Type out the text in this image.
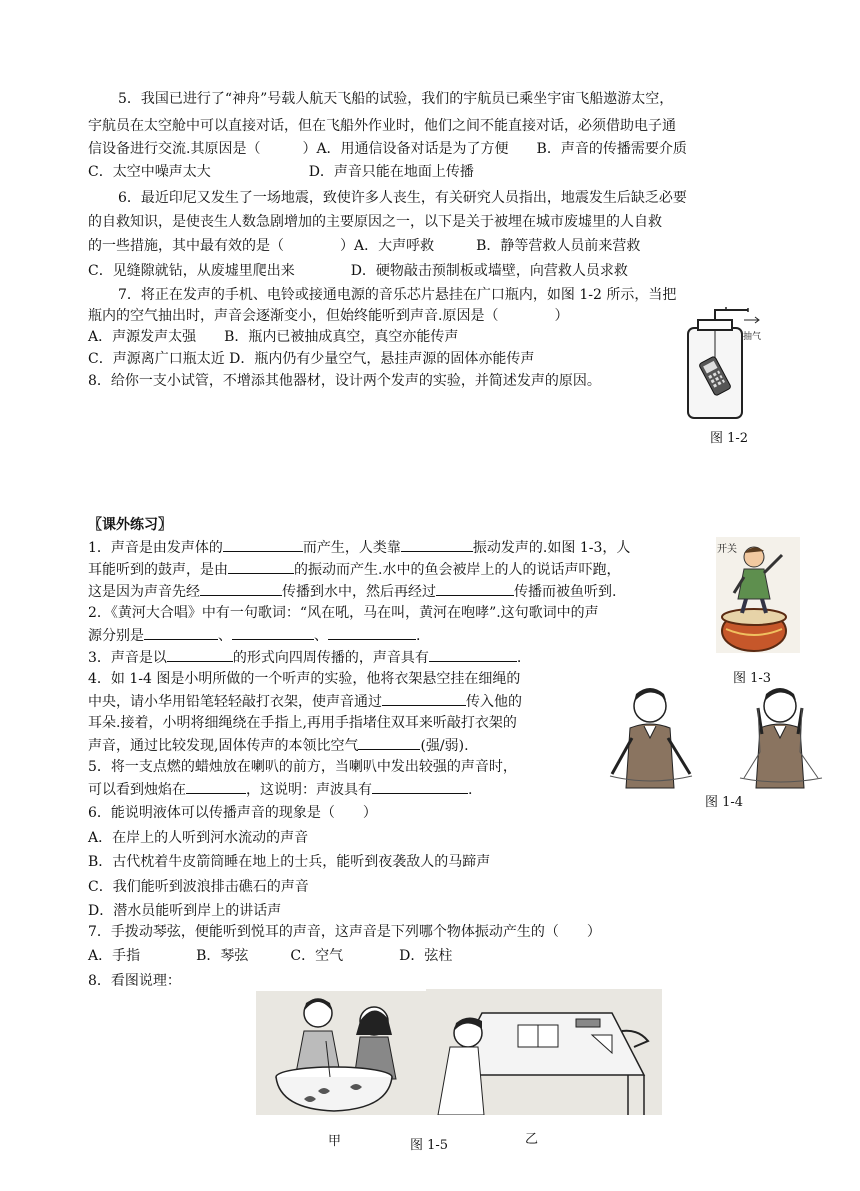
5．我国已进行了“神舟”号载人航天飞船的试验，我们的宇航员已乘坐宇宙飞船遨游太空，
宇航员在太空舱中可以直接对话，但在飞船外作业时，他们之间不能直接对话，必须借助电子通
信设备进行交流.其原因是（　　　）A．用通信设备对话是为了方便　　B．声音的传播需要介质
C．太空中噪声太大　　　　　　　D．声音只能在地面上传播
6．最近印尼又发生了一场地震，致使许多人丧生，有关研究人员指出，地震发生后缺乏必要
的自救知识，是使丧生人数急剧增加的主要原因之一，以下是关于被埋在城市废墟里的人自救
的一些措施，其中最有效的是（　　　　）A．大声呼救　　　B．静等营救人员前来营救
C．见缝隙就钻，从废墟里爬出来　　　　D．硬物敲击预制板或墙壁，向营救人员求救
7．将正在发声的手机、电铃或接通电源的音乐芯片悬挂在广口瓶内，如图 1-2 所示，当把
瓶内的空气抽出时，声音会逐渐变小，但始终能听到声音.原因是（　　　　）
A．声源发声太强　　B．瓶内已被抽成真空，真空亦能传声
C．声源离广口瓶太近 D．瓶内仍有少量空气，悬挂声源的固体亦能传声
8．给你一支小试管，不增添其他器材，设计两个发声的实验，并简述发声的原因。
抽气
图 1-2
〖课外练习〗
1．声音是由发声体的	而产生，人类靠	振动发声的.如图 1-3，人
耳能听到的鼓声，是由	的振动而产生.水中的鱼会被岸上的人的说话声吓跑，
这是因为声音先经	传播到水中，然后再经过	传播而被鱼听到.
2．《黄河大合唱》中有一句歌词：“风在吼，马在叫，黄河在咆哮”.这句歌词中的声
源分别是	、	、	.
3．声音是以	的形式向四周传播的，声音具有	.
4．如 1-4 图是小明所做的一个听声的实验，他将衣架悬空挂在细绳的
中央，请小华用铅笔轻轻敲打衣架，使声音通过	传入他的
耳朵.接着，小明将细绳绕在手指上,再用手指堵住双耳来听敲打衣架的
声音，通过比较发现,固体传声的本领比空气	(强/弱).
5．将一支点燃的蜡烛放在喇叭的前方，当喇叭中发出较强的声音时，
可以看到烛焰在	，这说明：声波具有	.
6．能说明液体可以传播声音的现象是（　　）
A．在岸上的人听到河水流动的声音
B．古代枕着牛皮箭筒睡在地上的士兵，能听到夜袭敌人的马蹄声
C．我们能听到波浪排击礁石的声音
D．潜水员能听到岸上的讲话声
7．手拨动琴弦，便能听到悦耳的声音，这声音是下列哪个物体振动产生的（　　）
A．手指　　　　B．琴弦　　　C．空气　　　　D．弦柱
8．看图说理：
开关
图 1-3
图 1-4
甲	图 1-5	乙
